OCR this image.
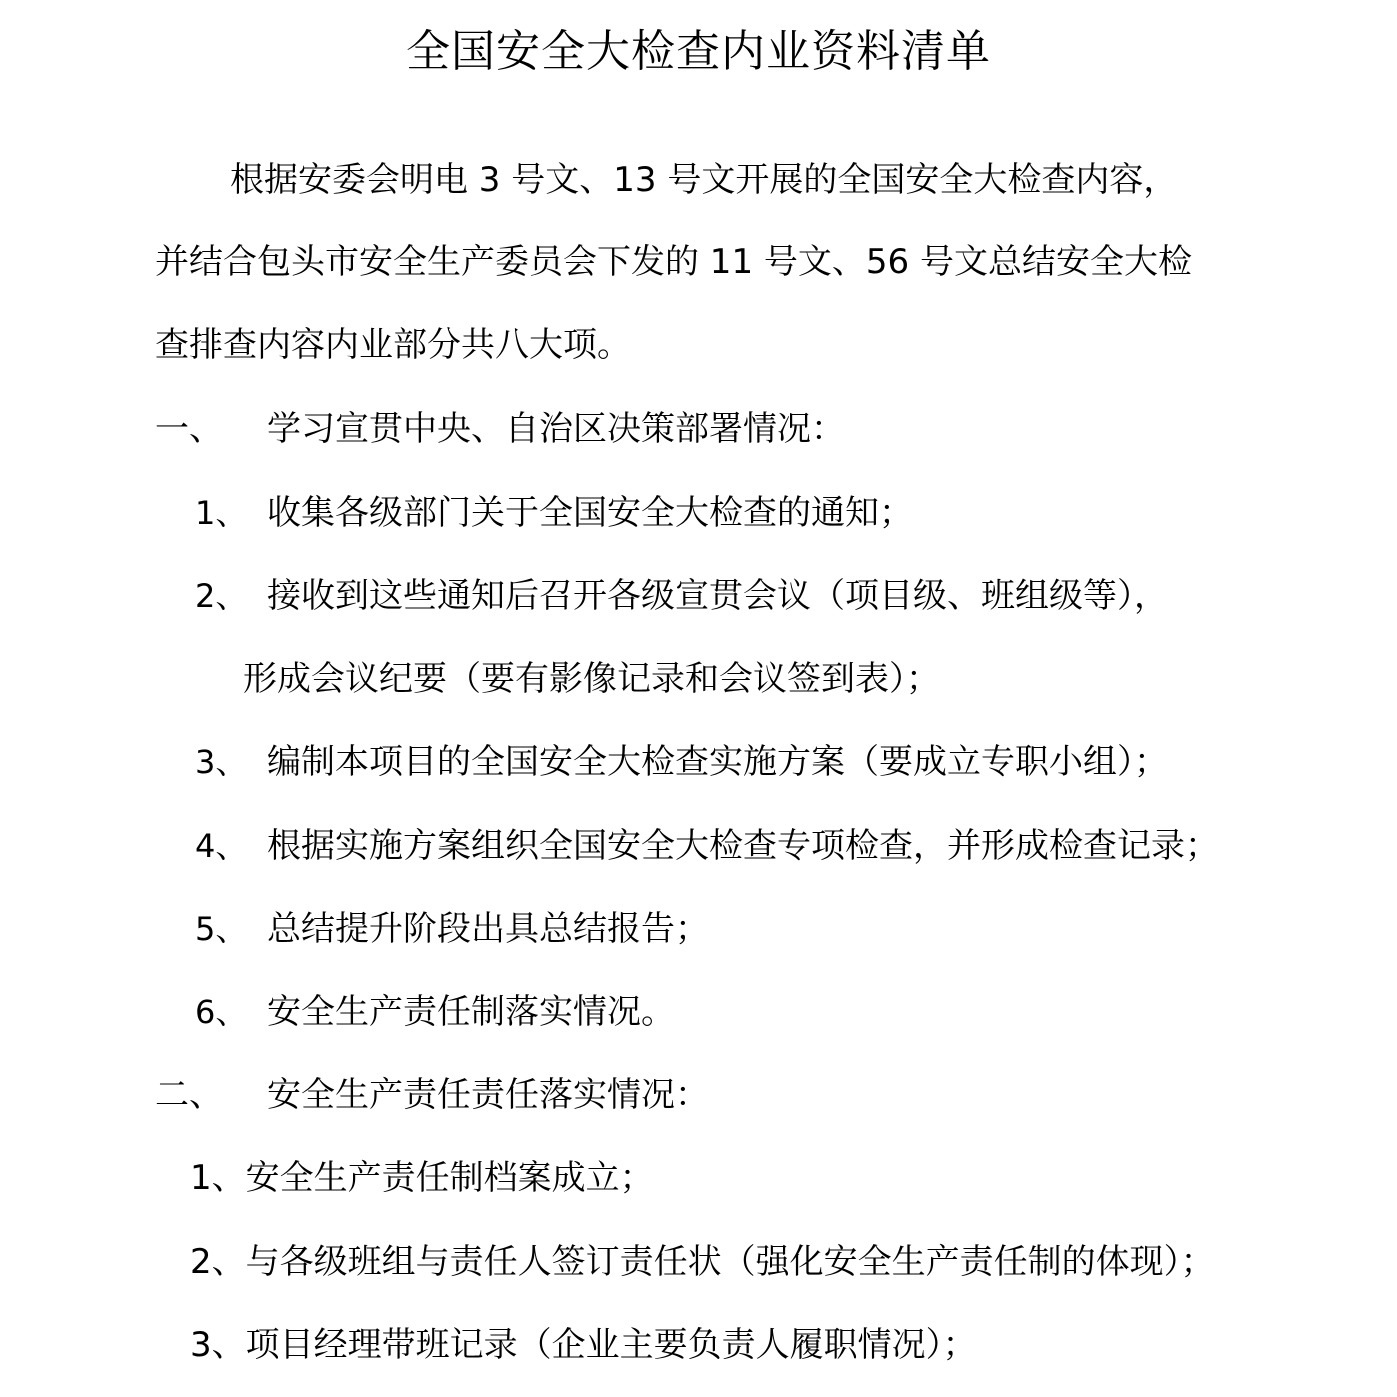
全国安全大检查内业资料清单
根据安委会明电 3 号文、13 号文开展的全国安全大检查内容，
并结合包头市安全生产委员会下发的 11 号文、56 号文总结安全大检
查排查内容内业部分共八大项。
一、 学习宣贯中央、自治区决策部署情况：
1、 收集各级部门关于全国安全大检查的通知；
2、 接收到这些通知后召开各级宣贯会议（项目级、班组级等），
形成会议纪要（要有影像记录和会议签到表）；
3、 编制本项目的全国安全大检查实施方案（要成立专职小组）；
4、 根据实施方案组织全国安全大检查专项检查，并形成检查记录；
5、 总结提升阶段出具总结报告；
6、 安全生产责任制落实情况。
二、 安全生产责任责任落实情况：
1、安全生产责任制档案成立；
2、与各级班组与责任人签订责任状（强化安全生产责任制的体现）；
3、项目经理带班记录（企业主要负责人履职情况）；
